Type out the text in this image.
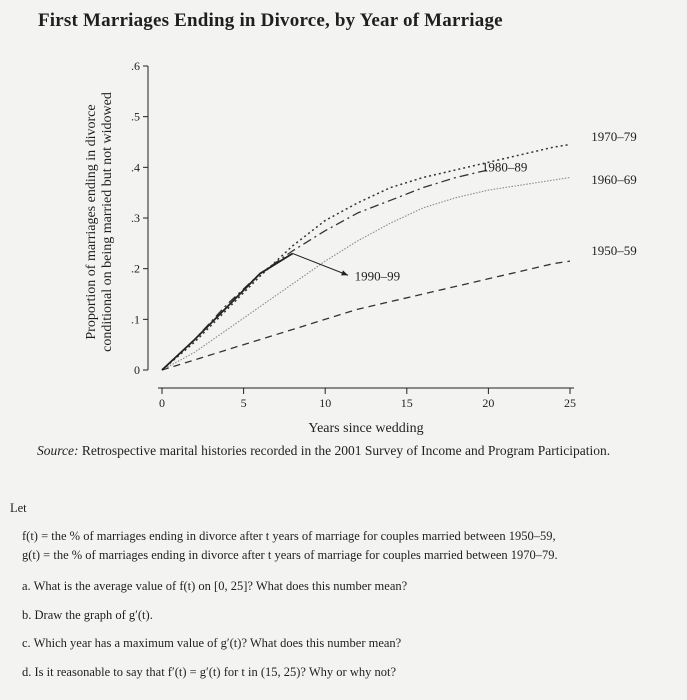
First Marriages Ending in Divorce, by Year of Marriage
0
.1
.2
.3
.4
.5
.6
0	5	10	15	20	25
1970–79
1960–69
1980–89
1950–59
1990–99
Years since wedding
Proportion of marriages ending in divorce conditional on being married but not widowed
Source: Retrospective marital histories recorded in the 2001 Survey of Income and Program Participation.
Let
f(t) = the % of marriages ending in divorce after t years of marriage for couples married between 1950–59,
g(t) = the % of marriages ending in divorce after t years of marriage for couples married between 1970–79.
a. What is the average value of f(t) on [0, 25]? What does this number mean?
b. Draw the graph of g′(t).
c. Which year has a maximum value of g′(t)? What does this number mean?
d. Is it reasonable to say that f′(t) = g′(t) for t in (15, 25)? Why or why not?
